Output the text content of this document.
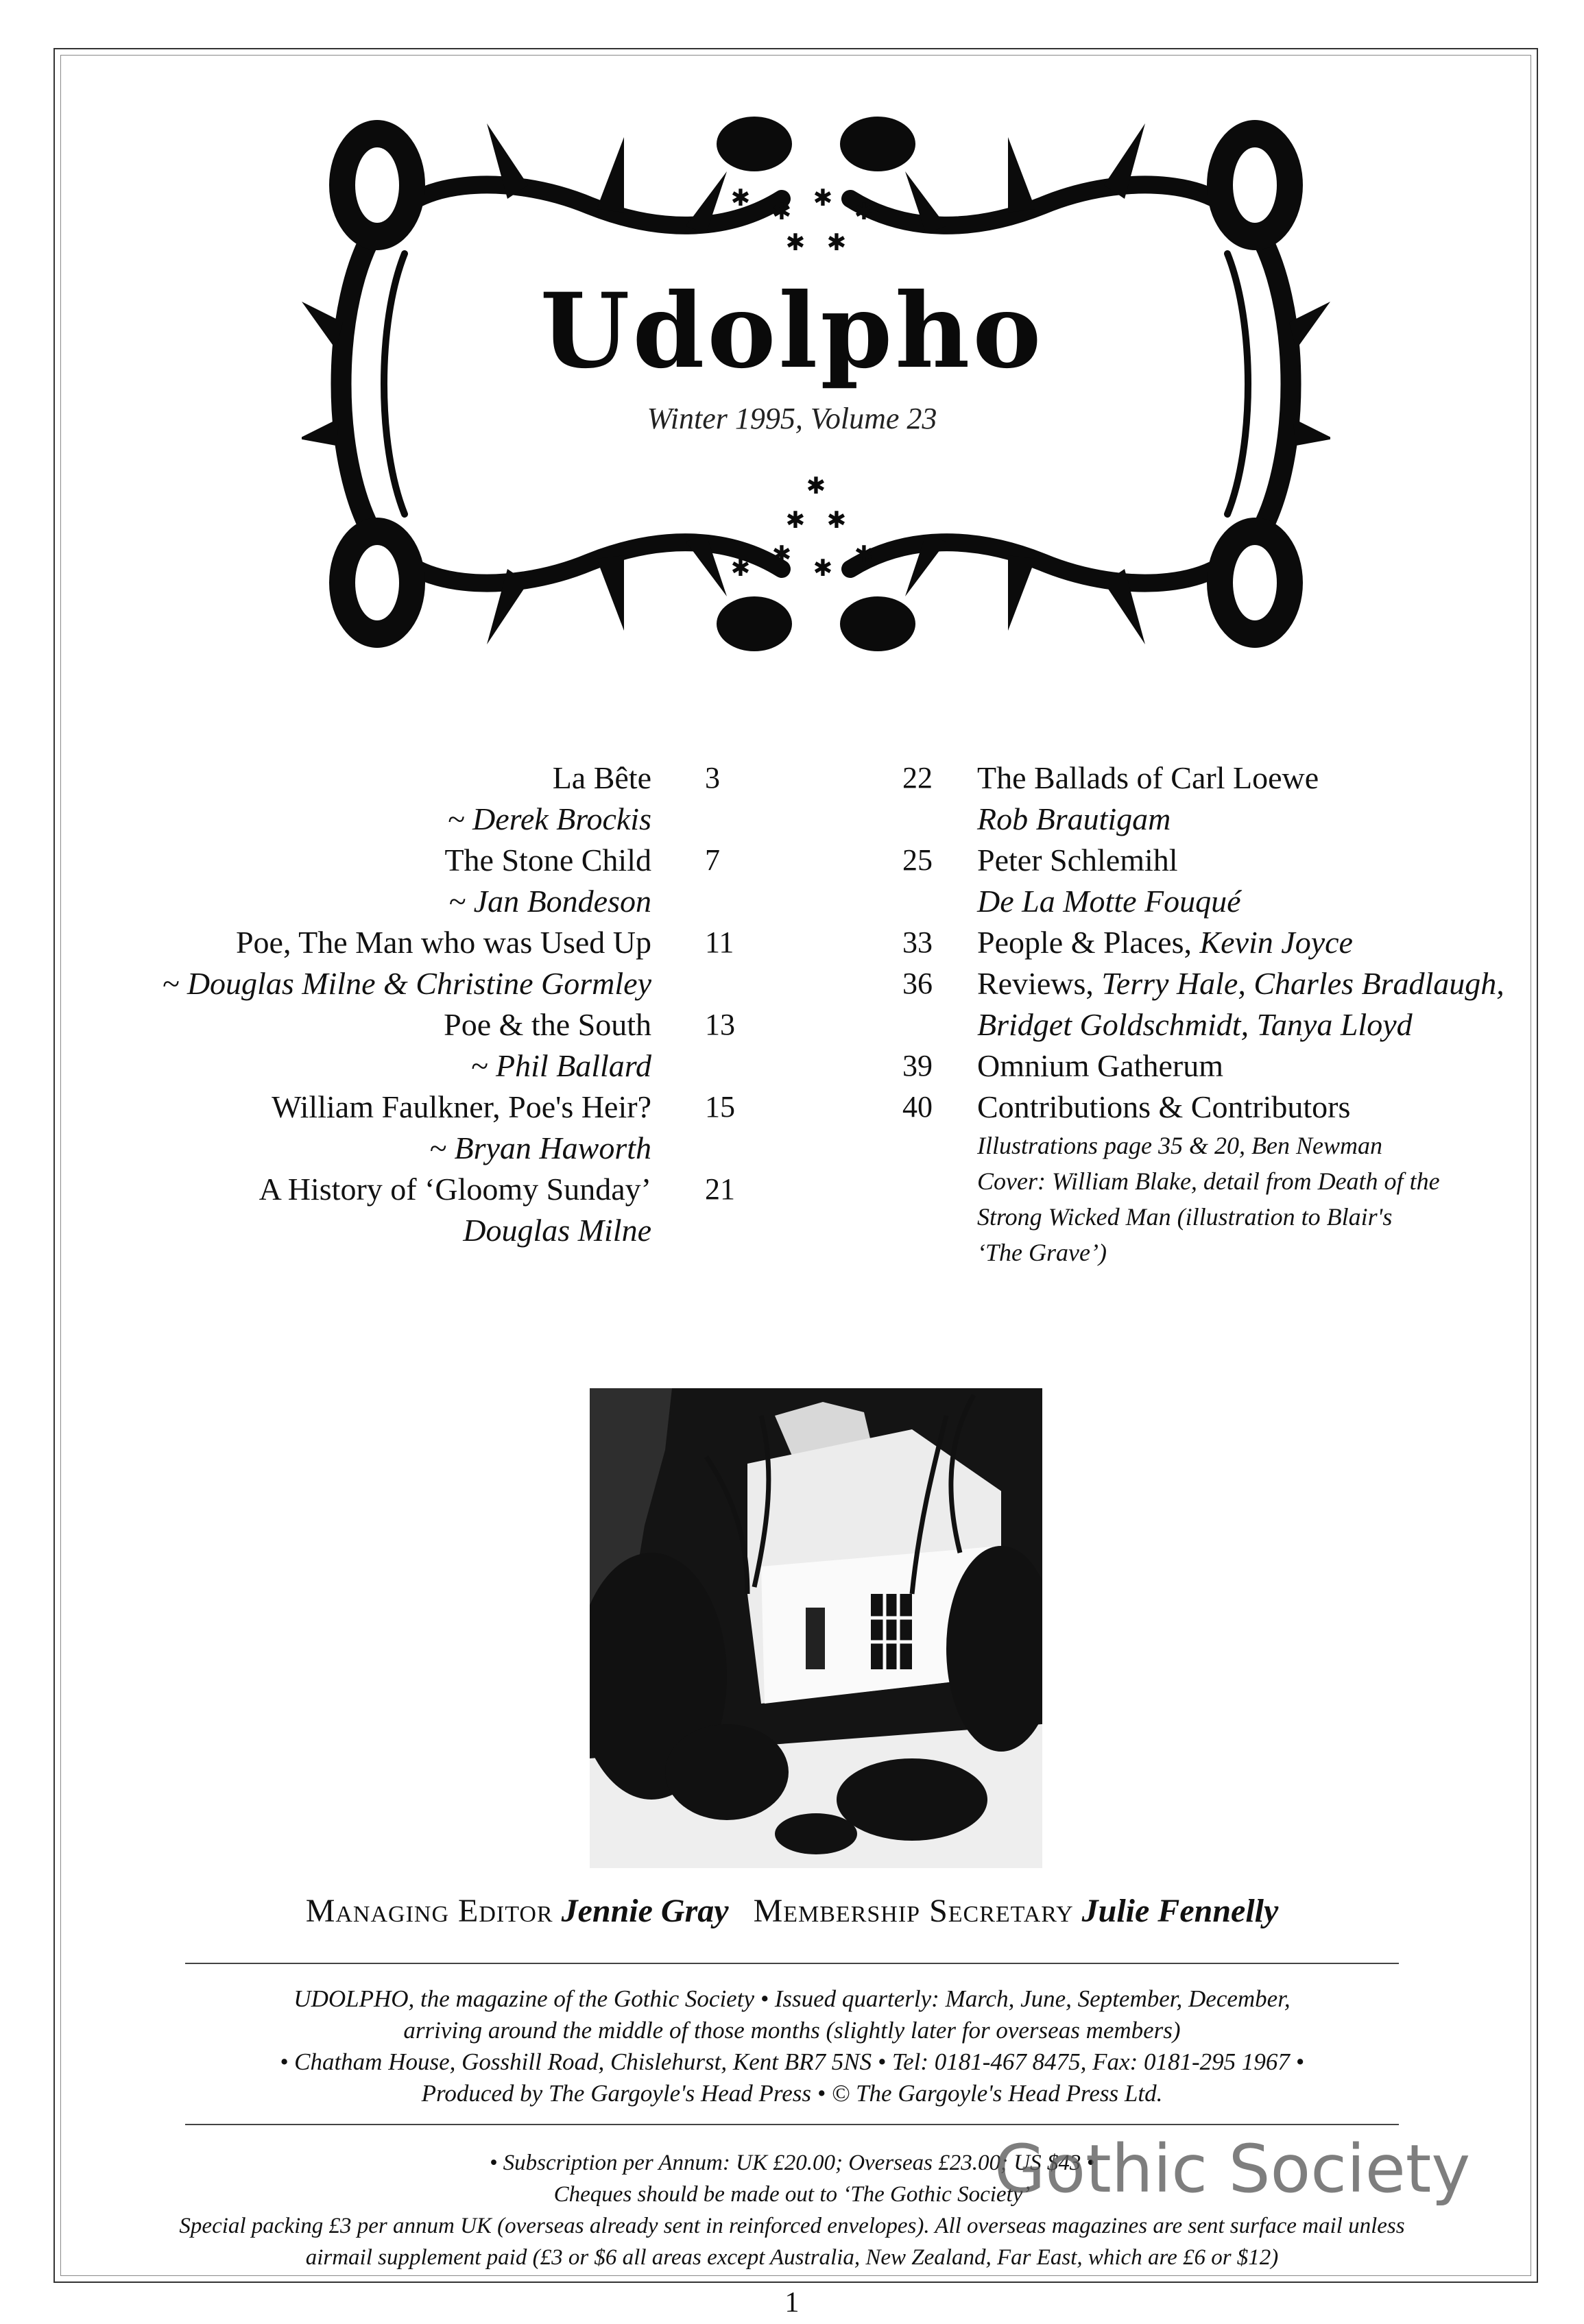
✱ ✱ ✱ ✱
✱ ✱
✱ ✱ ✱ ✱
✱ ✱
✱
Udolpho
Winter 1995, Volume 23
La Bête 3
~ Derek Brockis
The Stone Child 7
~ Jan Bondeson
Poe, The Man who was Used Up 11
~ Douglas Milne & Christine Gormley
Poe & the South 13
~ Phil Ballard
William Faulkner, Poe's Heir? 15
~ Bryan Haworth
A History of ‘Gloomy Sunday’ 21
Douglas Milne
22 The Ballads of Carl Loewe
Rob Brautigam
25 Peter Schlemihl
De La Motte Fouqué
33 People & Places, Kevin Joyce
36 Reviews, Terry Hale, Charles Bradlaugh,
Bridget Goldschmidt, Tanya Lloyd
39 Omnium Gatherum
40 Contributions & Contributors
Illustrations page 35 & 20, Ben Newman
Cover: William Blake, detail from Death of the
Strong Wicked Man (illustration to Blair's
‘The Grave’)
Managing Editor Jennie Gray Membership Secretary Julie Fennelly
UDOLPHO, the magazine of the Gothic Society • Issued quarterly: March, June, September, December,
arriving around the middle of those months (slightly later for overseas members)
• Chatham House, Gosshill Road, Chislehurst, Kent BR7 5NS • Tel: 0181-467 8475, Fax: 0181-295 1967 •
Produced by The Gargoyle's Head Press • © The Gargoyle's Head Press Ltd.
• Subscription per Annum: UK £20.00; Overseas £23.00; US $43 •
Cheques should be made out to ‘The Gothic Society’
Special packing £3 per annum UK (overseas already sent in reinforced envelopes). All overseas magazines are sent surface mail unless
airmail supplement paid (£3 or $6 all areas except Australia, New Zealand, Far East, which are £6 or $12)
Gothic Society
1
